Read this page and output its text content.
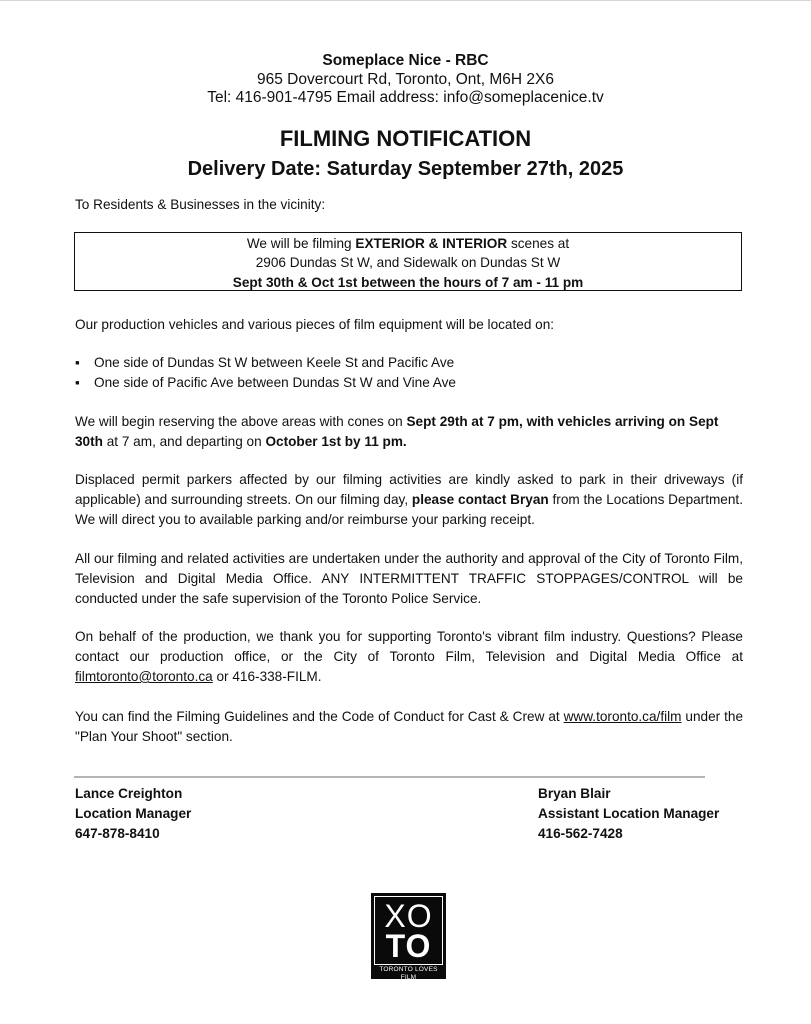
Someplace Nice - RBC
965 Dovercourt Rd, Toronto, Ont, M6H 2X6
Tel: 416-901-4795 Email address: info@someplacenice.tv
FILMING NOTIFICATION
Delivery Date: Saturday September 27th, 2025
To Residents & Businesses in the vicinity:
We will be filming EXTERIOR & INTERIOR scenes at
2906 Dundas St W, and Sidewalk on Dundas St W
Sept 30th & Oct 1st between the hours of 7 am - 11 pm
Our production vehicles and various pieces of film equipment will be located on:
▪	One side of Dundas St W between Keele St and Pacific Ave
▪	One side of Pacific Ave between Dundas St W and Vine Ave
We will begin reserving the above areas with cones on Sept 29th at 7 pm, with vehicles arriving on Sept 30th at 7 am, and departing on October 1st by 11 pm.
Displaced permit parkers affected by our filming activities are kindly asked to park in their driveways (if applicable) and surrounding streets. On our filming day, please contact Bryan from the Locations Department. We will direct you to available parking and/or reimburse your parking receipt.
All our filming and related activities are undertaken under the authority and approval of the City of Toronto Film, Television and Digital Media Office. ANY INTERMITTENT TRAFFIC STOPPAGES/CONTROL will be conducted under the safe supervision of the Toronto Police Service.
On behalf of the production, we thank you for supporting Toronto's vibrant film industry. Questions? Please contact our production office, or the City of Toronto Film, Television and Digital Media Office at filmtoronto@toronto.ca or 416-338-FILM.
You can find the Filming Guidelines and the Code of Conduct for Cast & Crew at www.toronto.ca/film under the "Plan Your Shoot" section.
Lance Creighton
Location Manager
647-878-8410
Bryan Blair
Assistant Location Manager
416-562-7428
XO
TO
TORONTO LOVES FILM
